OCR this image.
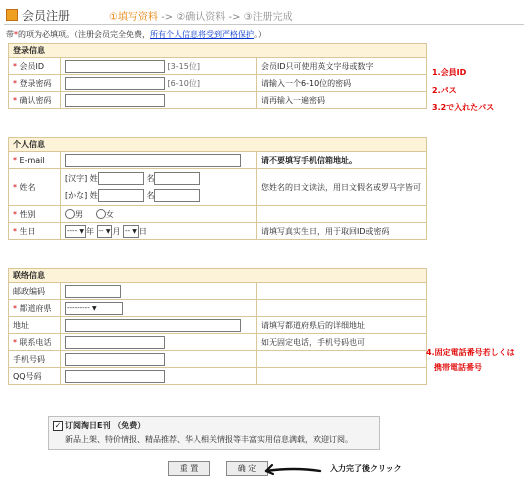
会员注册	①填写资料 -> ②确认资料 -> ③注册完成
带*的项为必填项。（注册会员完全免费，所有个人信息将受到严格保护。）
登录信息		
* 会员ID	[3-15位]	会员ID只可使用英文字母或数字
* 登录密码	[6-10位]	请输入一个6-10位的密码
* 确认密码		请再输入一遍密码
个人信息		
* E-mail		请不要填写手机信箱地址。
* 姓名	[汉字] 姓 名
[かな] 姓 名	您姓名的日文读法，用日文假名或罗马字皆可
* 性别	男 女	
* 生日	---- ▼ 年 -- ▼ 月 -- ▼ 日	请填写真实生日，用于取回ID或密码
联络信息		
邮政编码		
* 都道府県	--------- ▼	
地址		请填写都道府県后的详细地址
* 联系电话		如无固定电话，手机号码也可
手机号码		
QQ号码		
✓ 订阅淘日E刊 （免费）
新品上架、特价情报、精品推荐、华人相关情报等丰富实用信息满载，欢迎订阅。
重 置	确 定
1.会員ID
2.パス
3.2で入れたパス
4.固定電話番号若しくは
携帯電話番号
入力完了後クリック
